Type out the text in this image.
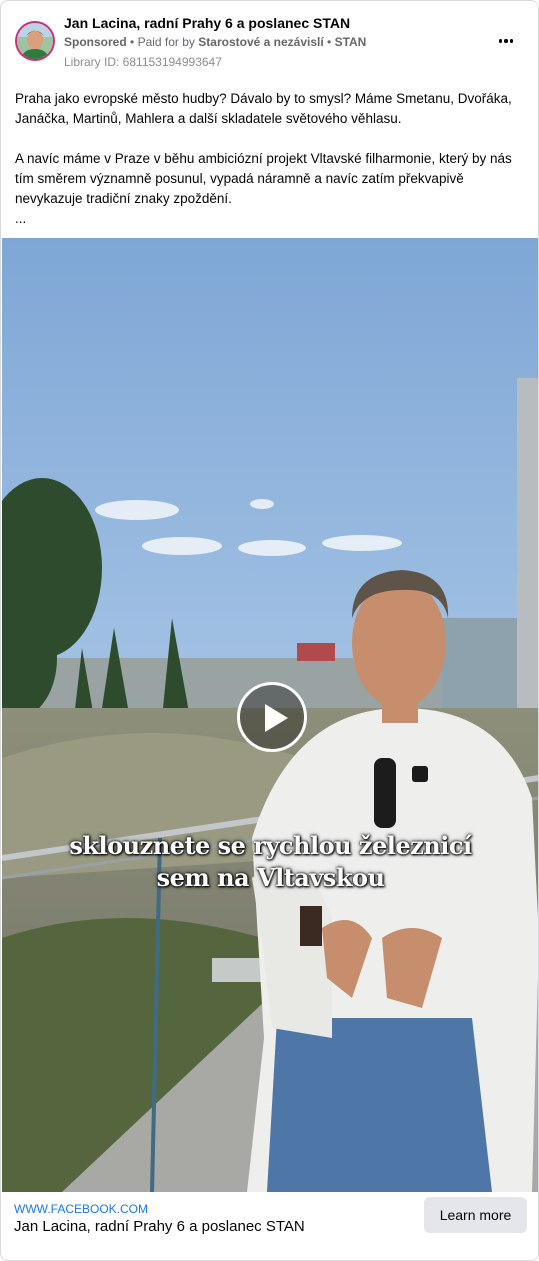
Jan Lacina, radní Prahy 6 a poslanec STAN
Sponsored • Paid for by Starostové a nezávislí • STAN
Library ID: 681153194993647

Praha jako evropské město hudby? Dávalo by to smysl? Máme Smetanu, Dvořáka, Janáčka, Martinů, Mahlera a další skladatele světového věhlasu.

A navíc máme v Praze v běhu ambiciózní projekt Vltavské filharmonie, který by nás tím směrem významně posunul, vypadá náramně a navíc zatím překvapivě nevykazuje tradiční znaky zpoždění.

...

sklouznete se rychlou železnicí
sem na Vltavskou
WWW.FACEBOOK.COM
Jan Lacina, radní Prahy 6 a poslanec STAN
Learn more
